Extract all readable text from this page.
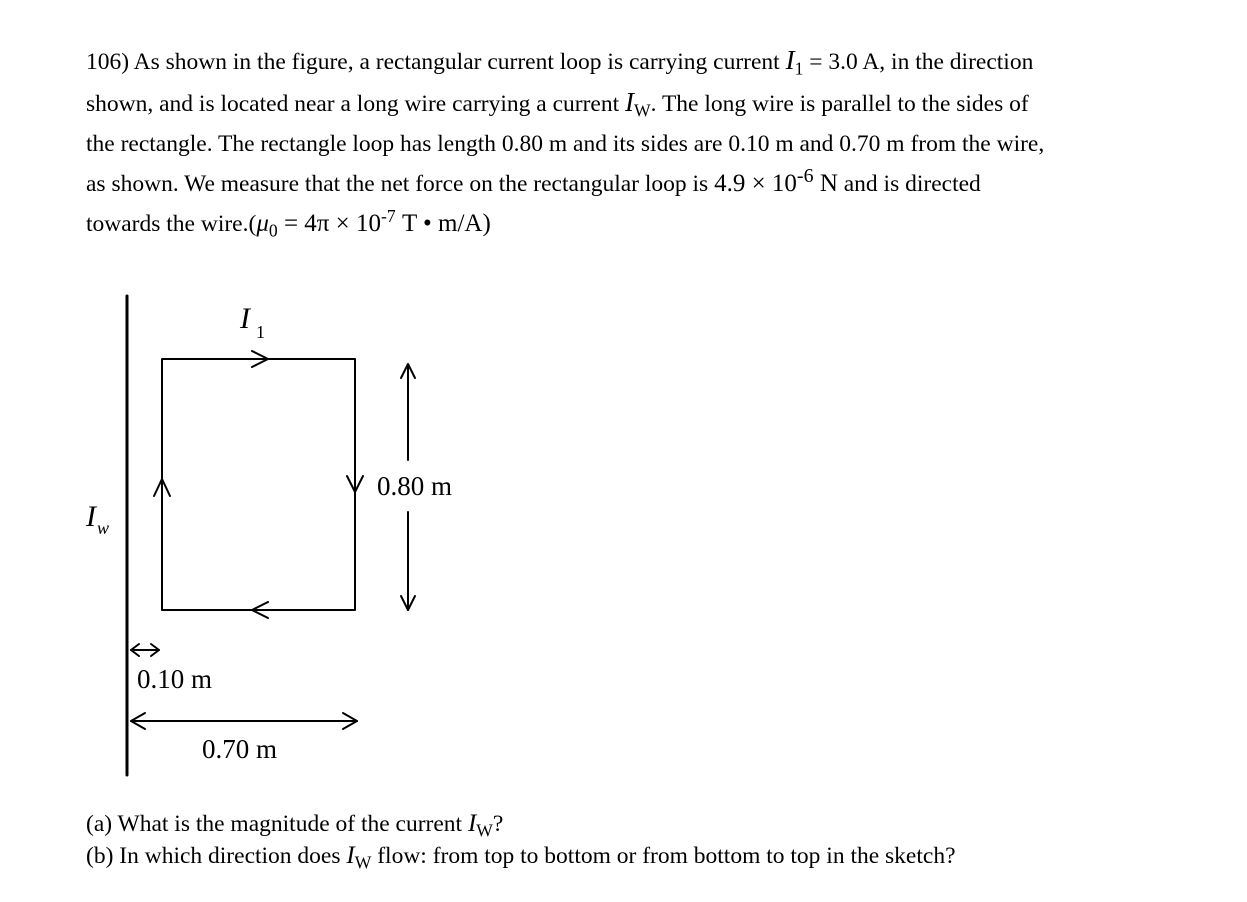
106) As shown in the figure, a rectangular current loop is carrying current $I_1 = 3.0$ A, in the direction

shown, and is located near a long wire carrying a current $I_W$. The long wire is parallel to the sides of

the rectangle. The rectangle loop has length 0.80 m and its sides are 0.10 m and 0.70 m from the wire,

as shown. We measure that the net force on the rectangular loop is $4.9 \times 10^{-6}$ N and is directed

towards the $wire.(\mu_0 = 4\pi \times 10^{-7}$ T • m/A)

I 1
I w
0.80 m
0.10 m
0.70 m

(a) What is the magnitude of the current $I_W$?

(b) In which direction does $I_W$ flow: from top to bottom or from bottom to top in the sketch?
